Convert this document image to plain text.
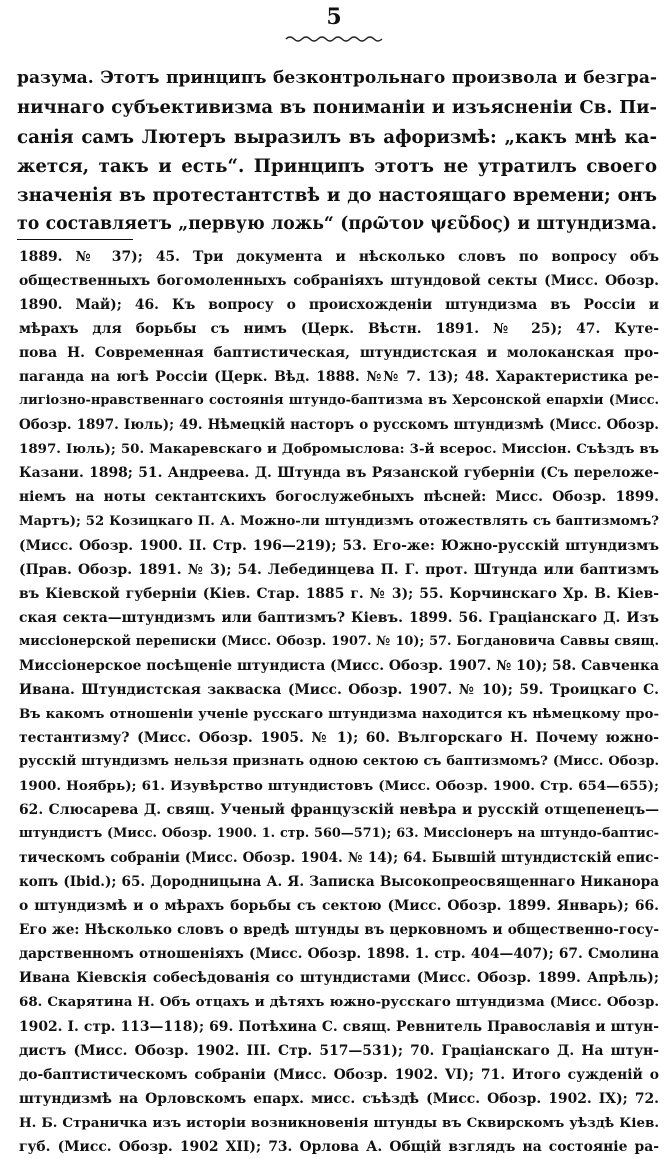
5
разума. Этотъ принципъ безконтрольнаго произвола и безгра-
ничнаго субъективизма въ пониманіи и изъясненіи Св. Пи-
санія самъ Лютеръ выразилъ въ афоризмѣ: „какъ мнѣ ка-
жется, такъ и есть“. Принципъ этотъ не утратилъ своего
значенія въ протестантствѣ и до настоящаго времени; онъ
то составляетъ „первую ложь“ (πρῶτον ψεῦδος) и штундизма.
1889. № 37); 45. Три документа и нѣсколько словъ по вопросу объ
общественныхъ богомоленныхъ собраніяхъ штундовой секты (Мисс. Обозр.
1890. Май); 46. Къ вопросу о происхожденіи штундизма въ Россіи и
мѣрахъ для борьбы съ нимъ (Церк. Вѣстн. 1891. № 25); 47. Кутe-
пова Н. Современная баптистическая, штундистская и молоканская про-
паганда на югѣ Россіи (Церк. Вѣд. 1888. №№ 7. 13); 48. Характеристика ре-
лигіозно-нравственнаго состоянія штундо-баптизма въ Херсонской епархіи (Мисс.
Обозр. 1897. Іюль); 49. Нѣмецкій насторъ о русскомъ штундизмѣ (Мисс. Обозр.
1897. Іюль); 50. Макаревскаго и Добромыслова: 3-й всерос. Миссіон. Съѣздъ въ
Казани. 1898; 51. Андреева. Д. Штунда въ Рязанской губерніи (Съ переложе-
ніемъ на ноты сектантскихъ богослужебныхъ пѣсней: Мисс. Обозр. 1899.
Мартъ); 52 Козицкаго П. А. Можно-ли штундизмъ отожествлять съ баптизмомъ?
(Мисс. Обозр. 1900. II. Стр. 196—219); 53. Его-же: Южно-русскій штундизмъ
(Прав. Обозр. 1891. № 3); 54. Лебединцева П. Г. прот. Штунда или баптизмъ
въ Кіевской губерніи (Кіев. Стар. 1885 г. № 3); 55. Корчинскаго Хр. В. Кіев-
ская секта—штундизмъ или баптизмъ? Кіевъ. 1899. 56. Граціанскаго Д. Изъ
миссіонерской переписки (Мисс. Обозр. 1907. № 10); 57. Богдановича Саввы свящ.
Миссіонерское посѣщеніе штундиста (Мисс. Обозр. 1907. № 10); 58. Савченка
Ивана. Штундистская закваска (Мисс. Обозр. 1907. № 10); 59. Троицкаго С.
Въ какомъ отношеніи ученіе русскаго штундизма находится къ нѣмецкому про-
тестантизму? (Мисс. Обозр. 1905. № 1); 60. Вългорскаго Н. Почему южно-
русскій штундизмъ нельзя признать одною сектою съ баптизмомъ? (Мисс. Обозр.
1900. Ноябрь); 61. Изувѣрство штундистовъ (Мисс. Обозр. 1900. Стр. 654—655);
62. Слюсарева Д. свящ. Ученый французскій невѣра и русскій отщепенецъ—
штундистъ (Мисс. Обозр. 1900. 1. стр. 560—571); 63. Миссіонеръ на штундо-баптис-
тическомъ собраніи (Мисс. Обозр. 1904. № 14); 64. Бывшій штундистскій епис-
копъ (Ibid.); 65. Дородницына А. Я. Записка Высокопреосвященнаго Никанора
о штундизмѣ и о мѣрахъ борьбы съ сектою (Мисс. Обозр. 1899. Январь); 66.
Его же: Нѣсколько словъ о вредѣ штунды въ церковномъ и общественно-госу-
дарственномъ отношеніяхъ (Мисс. Обозр. 1898. 1. стр. 404—407); 67. Смолина
Ивана Кіевскія собесѣдованія со штундистами (Мисс. Обозр. 1899. Апрѣль);
68. Скарятина Н. Объ отцахъ и дѣтяхъ южно-русскаго штундизма (Мисс. Обозр.
1902. І. стр. 113—118); 69. Потѣхина С. свящ. Ревнитель Православія и штун-
дистъ (Мисс. Обозр. 1902. III. Стр. 517—531); 70. Граціанскаго Д. На штун-
до-баптистическомъ собраніи (Мисс. Обозр. 1902. VI); 71. Итого сужденій о
штундизмѣ на Орловскомъ епарх. мисс. съѣздѣ (Мисс. Обозр. 1902. IX); 72.
Н. Б. Страничка изъ исторіи возникновенія штунды въ Сквирскомъ уѣздѣ Кіев.
губ. (Мисс. Обозр. 1902 XII); 73. Орлова А. Общій взглядъ на состояніе ра-
